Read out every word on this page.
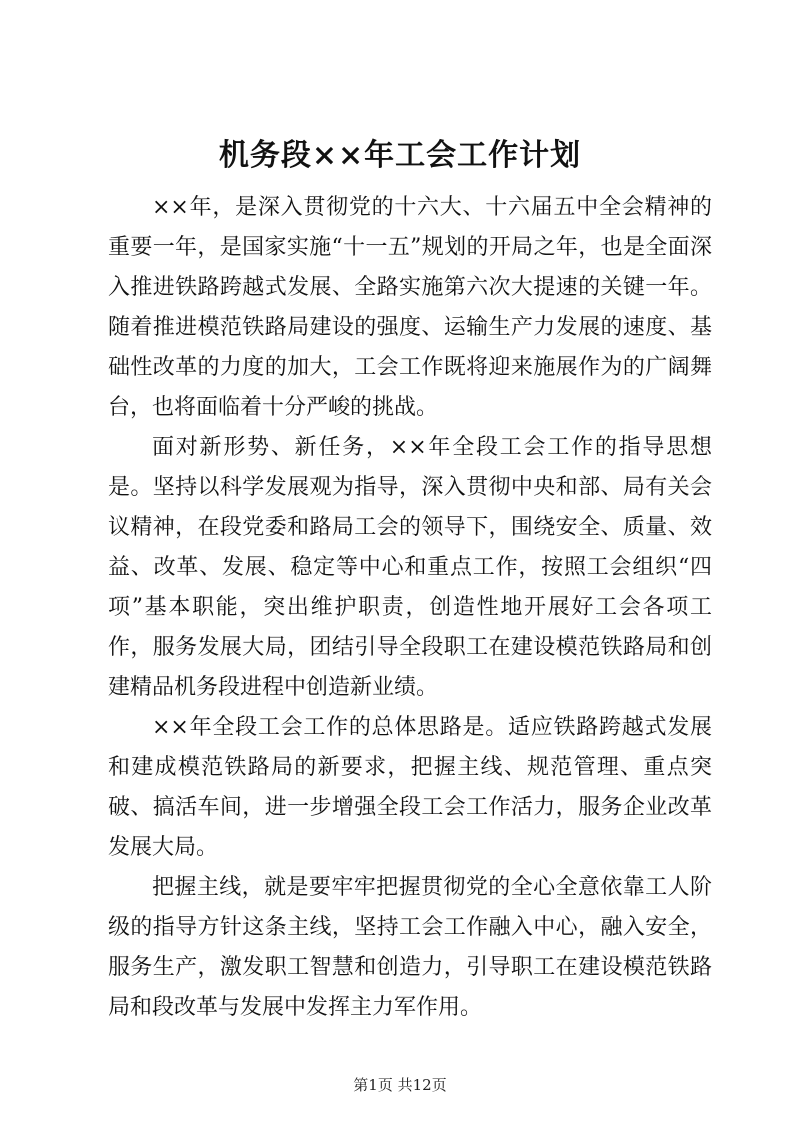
机务段××年工会工作计划

××年，是深入贯彻党的十六大、十六届五中全会精神的重要一年，是国家实施“十一五”规划的开局之年，也是全面深入推进铁路跨越式发展、全路实施第六次大提速的关键一年。随着推进模范铁路局建设的强度、运输生产力发展的速度、基础性改革的力度的加大，工会工作既将迎来施展作为的广阔舞台，也将面临着十分严峻的挑战。

面对新形势、新任务，××年全段工会工作的指导思想是。坚持以科学发展观为指导，深入贯彻中央和部、局有关会议精神，在段党委和路局工会的领导下，围绕安全、质量、效益、改革、发展、稳定等中心和重点工作，按照工会组织“四项”基本职能，突出维护职责，创造性地开展好工会各项工作，服务发展大局，团结引导全段职工在建设模范铁路局和创建精品机务段进程中创造新业绩。

××年全段工会工作的总体思路是。适应铁路跨越式发展和建成模范铁路局的新要求，把握主线、规范管理、重点突破、搞活车间，进一步增强全段工会工作活力，服务企业改革发展大局。

把握主线，就是要牢牢把握贯彻党的全心全意依靠工人阶级的指导方针这条主线，坚持工会工作融入中心，融入安全，服务生产，激发职工智慧和创造力，引导职工在建设模范铁路局和段改革与发展中发挥主力军作用。

第1页 共12页
